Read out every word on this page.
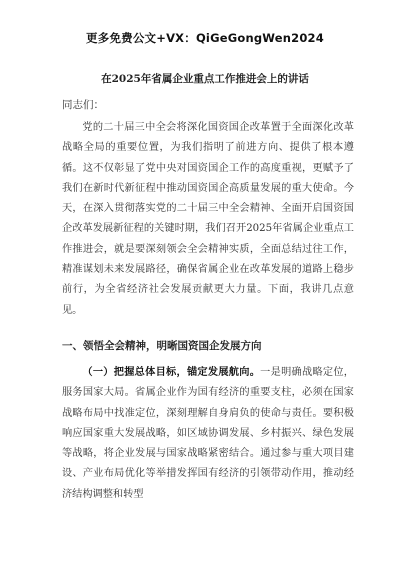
更多免费公文+VX：QiGeGongWen2024
在2025年省属企业重点工作推进会上的讲话
同志们：

党的二十届三中全会将深化国资国企改革置于全面深化改革战略全局的重要位置，为我们指明了前进方向、提供了根本遵循。这不仅彰显了党中央对国资国企工作的高度重视，更赋予了我们在新时代新征程中推动国资国企高质量发展的重大使命。今天，在深入贯彻落实党的二十届三中全会精神、全面开启国资国企改革发展新征程的关键时期，我们召开2025年省属企业重点工作推进会，就是要深刻领会全会精神实质，全面总结过往工作，精准谋划未来发展路径，确保省属企业在改革发展的道路上稳步前行，为全省经济社会发展贡献更大力量。下面，我讲几点意见。

一、领悟全会精神，明晰国资国企发展方向

（一）把握总体目标，锚定发展航向。一是明确战略定位，服务国家大局。省属企业作为国有经济的重要支柱，必须在国家战略布局中找准定位，深刻理解自身肩负的使命与责任。要积极响应国家重大发展战略，如区域协调发展、乡村振兴、绿色发展等战略，将企业发展与国家战略紧密结合。通过参与重大项目建设、产业布局优化等举措发挥国有经济的引领带动作用，推动经济结构调整和转型
